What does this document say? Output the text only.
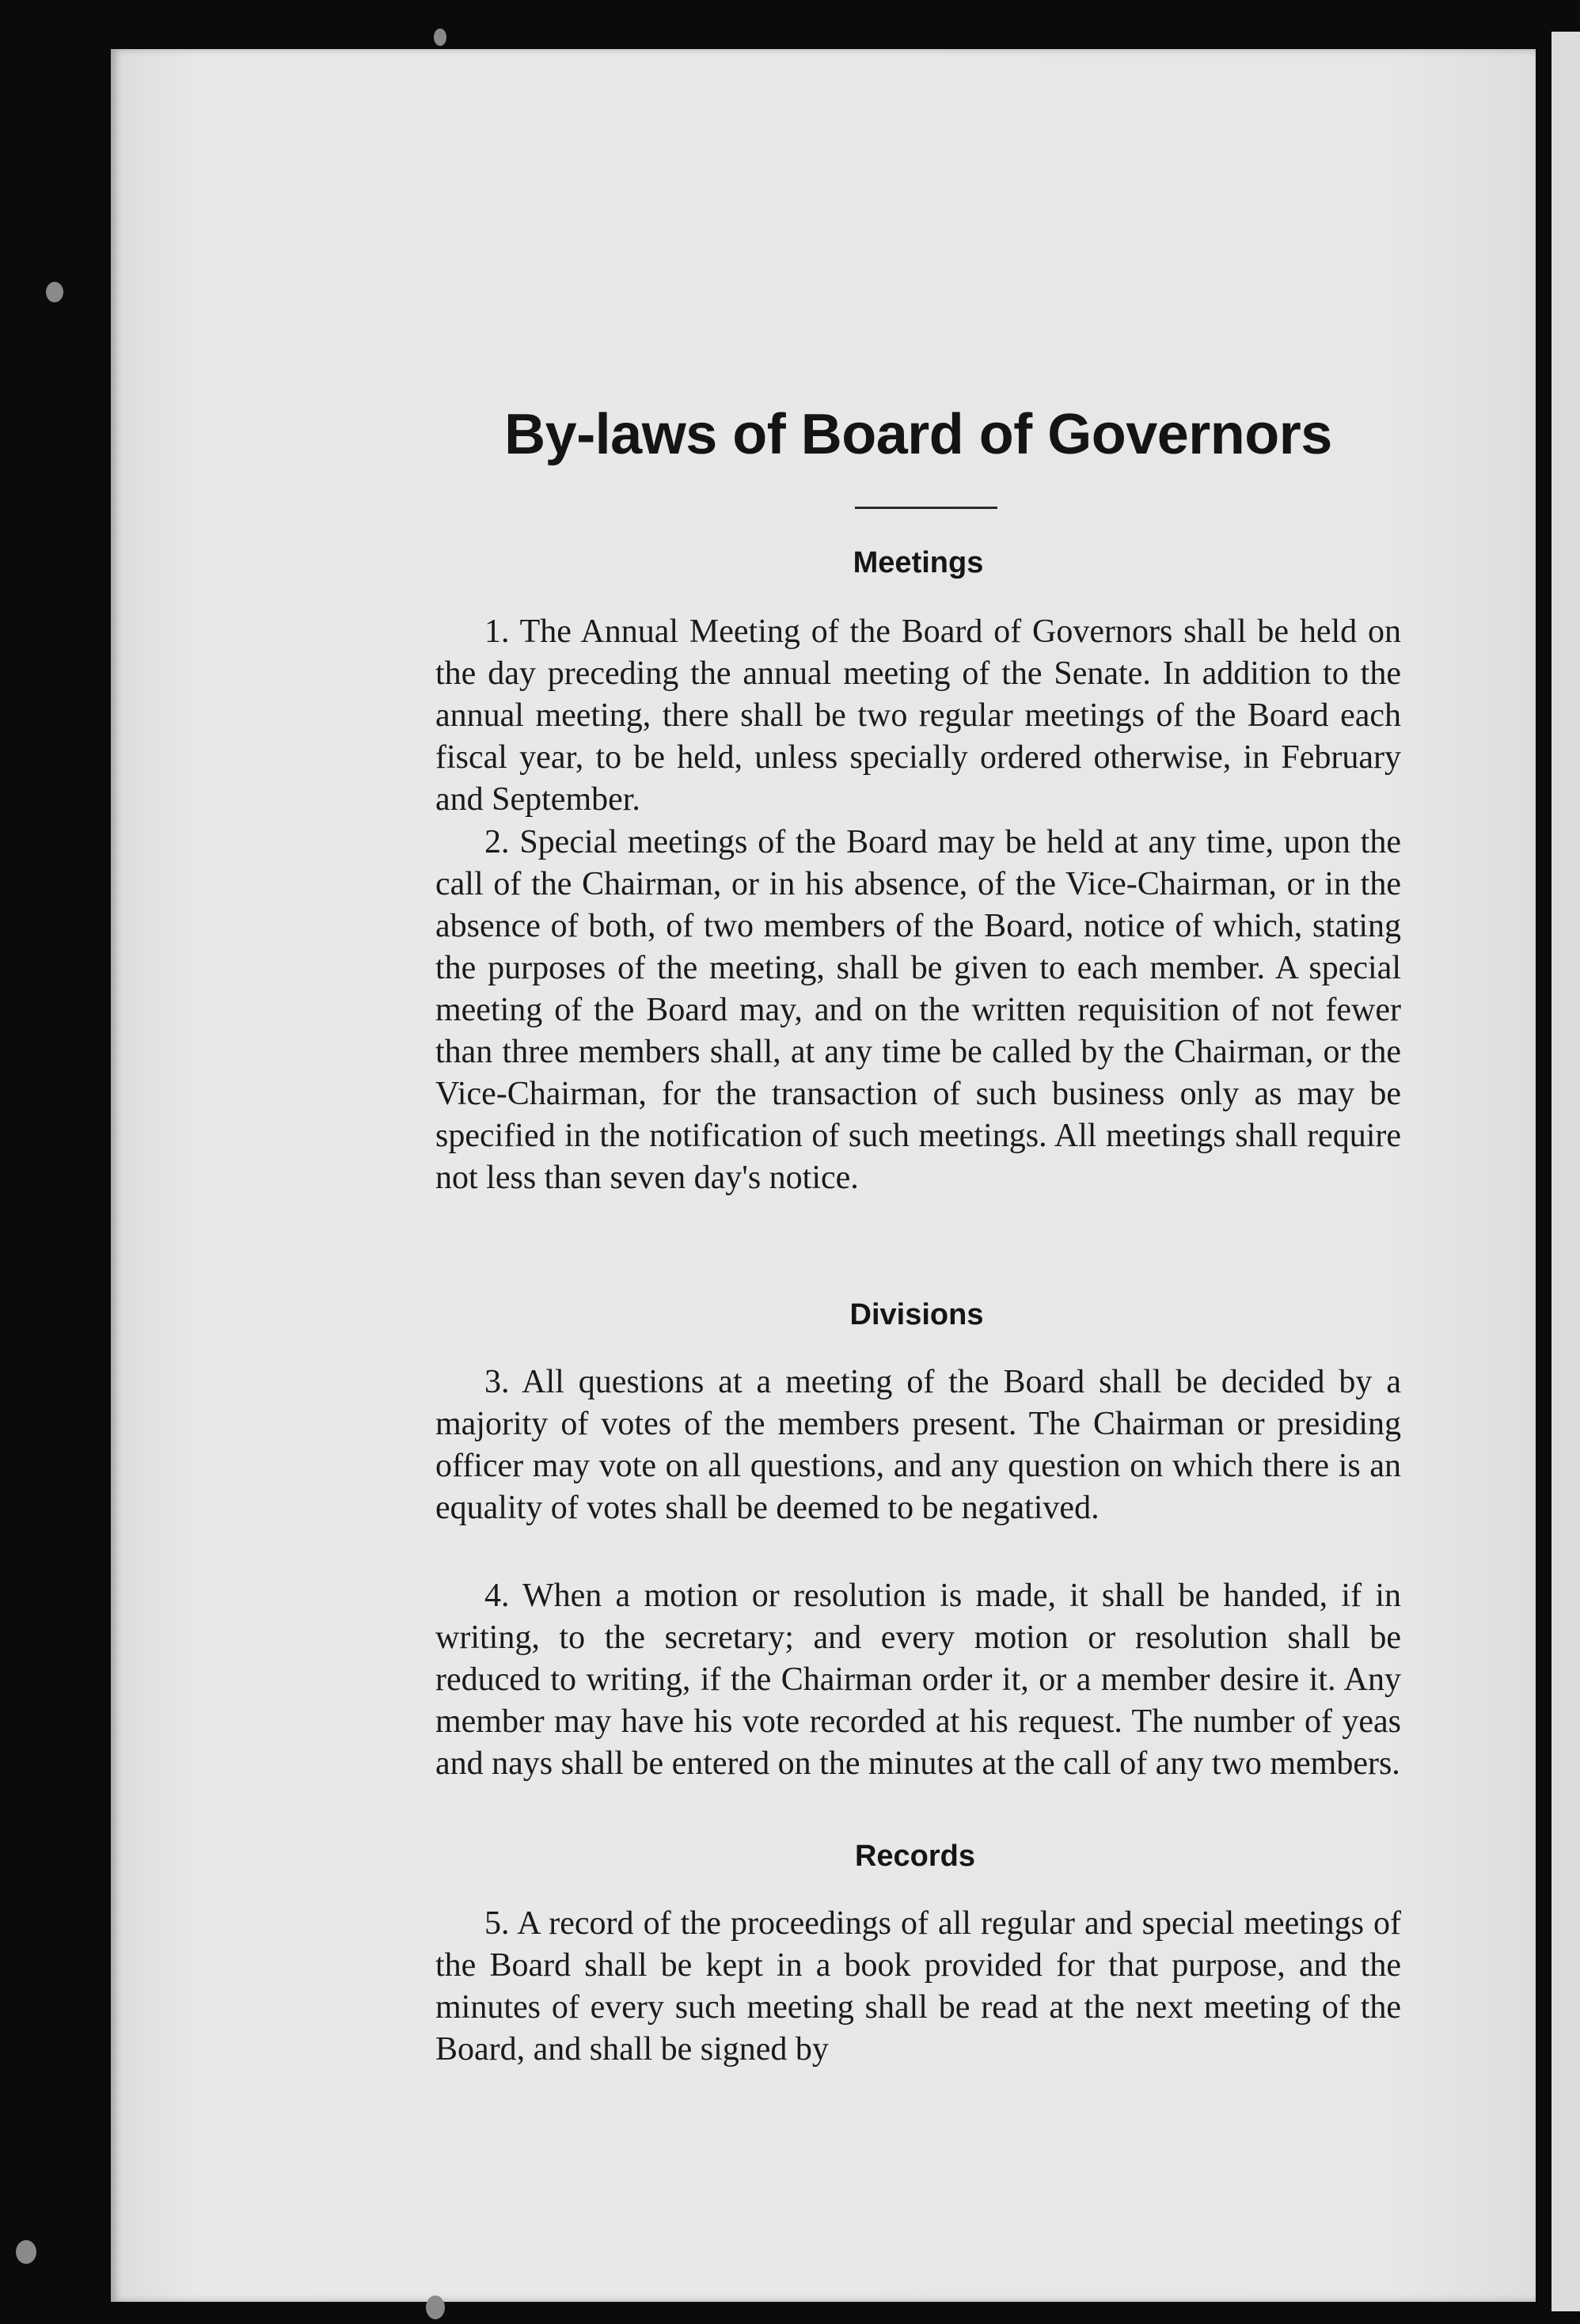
By-laws of Board of Governors
Meetings

1. The Annual Meeting of the Board of Governors shall be held on the day preceding the annual meeting of the Senate. In addition to the annual meeting, there shall be two regular meetings of the Board each fiscal year, to be held, unless specially ordered otherwise, in February and September.

2. Special meetings of the Board may be held at any time, upon the call of the Chairman, or in his absence, of the Vice-Chairman, or in the absence of both, of two members of the Board, notice of which, stating the purposes of the meeting, shall be given to each member. A special meeting of the Board may, and on the written requisition of not fewer than three members shall, at any time be called by the Chairman, or the Vice-Chairman, for the transaction of such business only as may be specified in the notification of such meetings. All meetings shall require not less than seven day's notice.

Divisions

3. All questions at a meeting of the Board shall be decided by a majority of votes of the members present. The Chairman or presiding officer may vote on all questions, and any question on which there is an equality of votes shall be deemed to be negatived.

4. When a motion or resolution is made, it shall be handed, if in writing, to the secretary; and every motion or resolution shall be reduced to writing, if the Chairman order it, or a member desire it. Any member may have his vote recorded at his request. The number of yeas and nays shall be entered on the minutes at the call of any two members.

Records

5. A record of the proceedings of all regular and special meetings of the Board shall be kept in a book provided for that purpose, and the minutes of every such meeting shall be read at the next meeting of the Board, and shall be signed by
